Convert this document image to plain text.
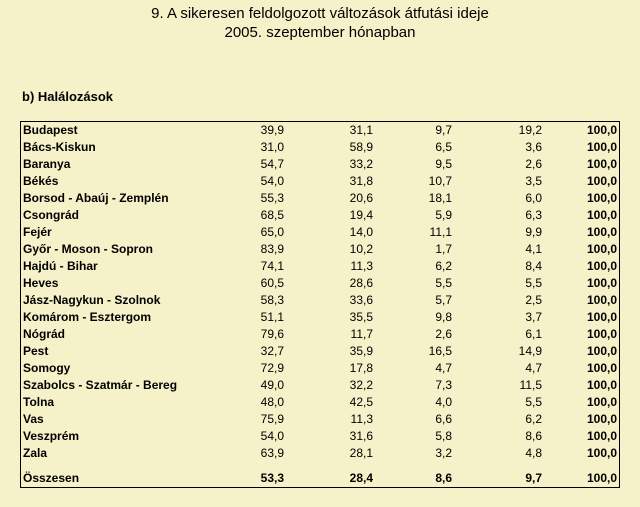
9. A sikeresen feldolgozott változások átfutási ideje
2005. szeptember hónapban
b) Halálozások
Budapest	39,9	31,1	9,7	19,2	100,0
Bács-Kiskun	31,0	58,9	6,5	3,6	100,0
Baranya	54,7	33,2	9,5	2,6	100,0
Békés	54,0	31,8	10,7	3,5	100,0
Borsod - Abaúj - Zemplén	55,3	20,6	18,1	6,0	100,0
Csongrád	68,5	19,4	5,9	6,3	100,0
Fejér	65,0	14,0	11,1	9,9	100,0
Győr - Moson - Sopron	83,9	10,2	1,7	4,1	100,0
Hajdú - Bihar	74,1	11,3	6,2	8,4	100,0
Heves	60,5	28,6	5,5	5,5	100,0
Jász-Nagykun - Szolnok	58,3	33,6	5,7	2,5	100,0
Komárom - Esztergom	51,1	35,5	9,8	3,7	100,0
Nógrád	79,6	11,7	2,6	6,1	100,0
Pest	32,7	35,9	16,5	14,9	100,0
Somogy	72,9	17,8	4,7	4,7	100,0
Szabolcs - Szatmár - Bereg	49,0	32,2	7,3	11,5	100,0
Tolna	48,0	42,5	4,0	5,5	100,0
Vas	75,9	11,3	6,6	6,2	100,0
Veszprém	54,0	31,6	5,8	8,6	100,0
Zala	63,9	28,1	3,2	4,8	100,0

Összesen	53,3	28,4	8,6	9,7	100,0
